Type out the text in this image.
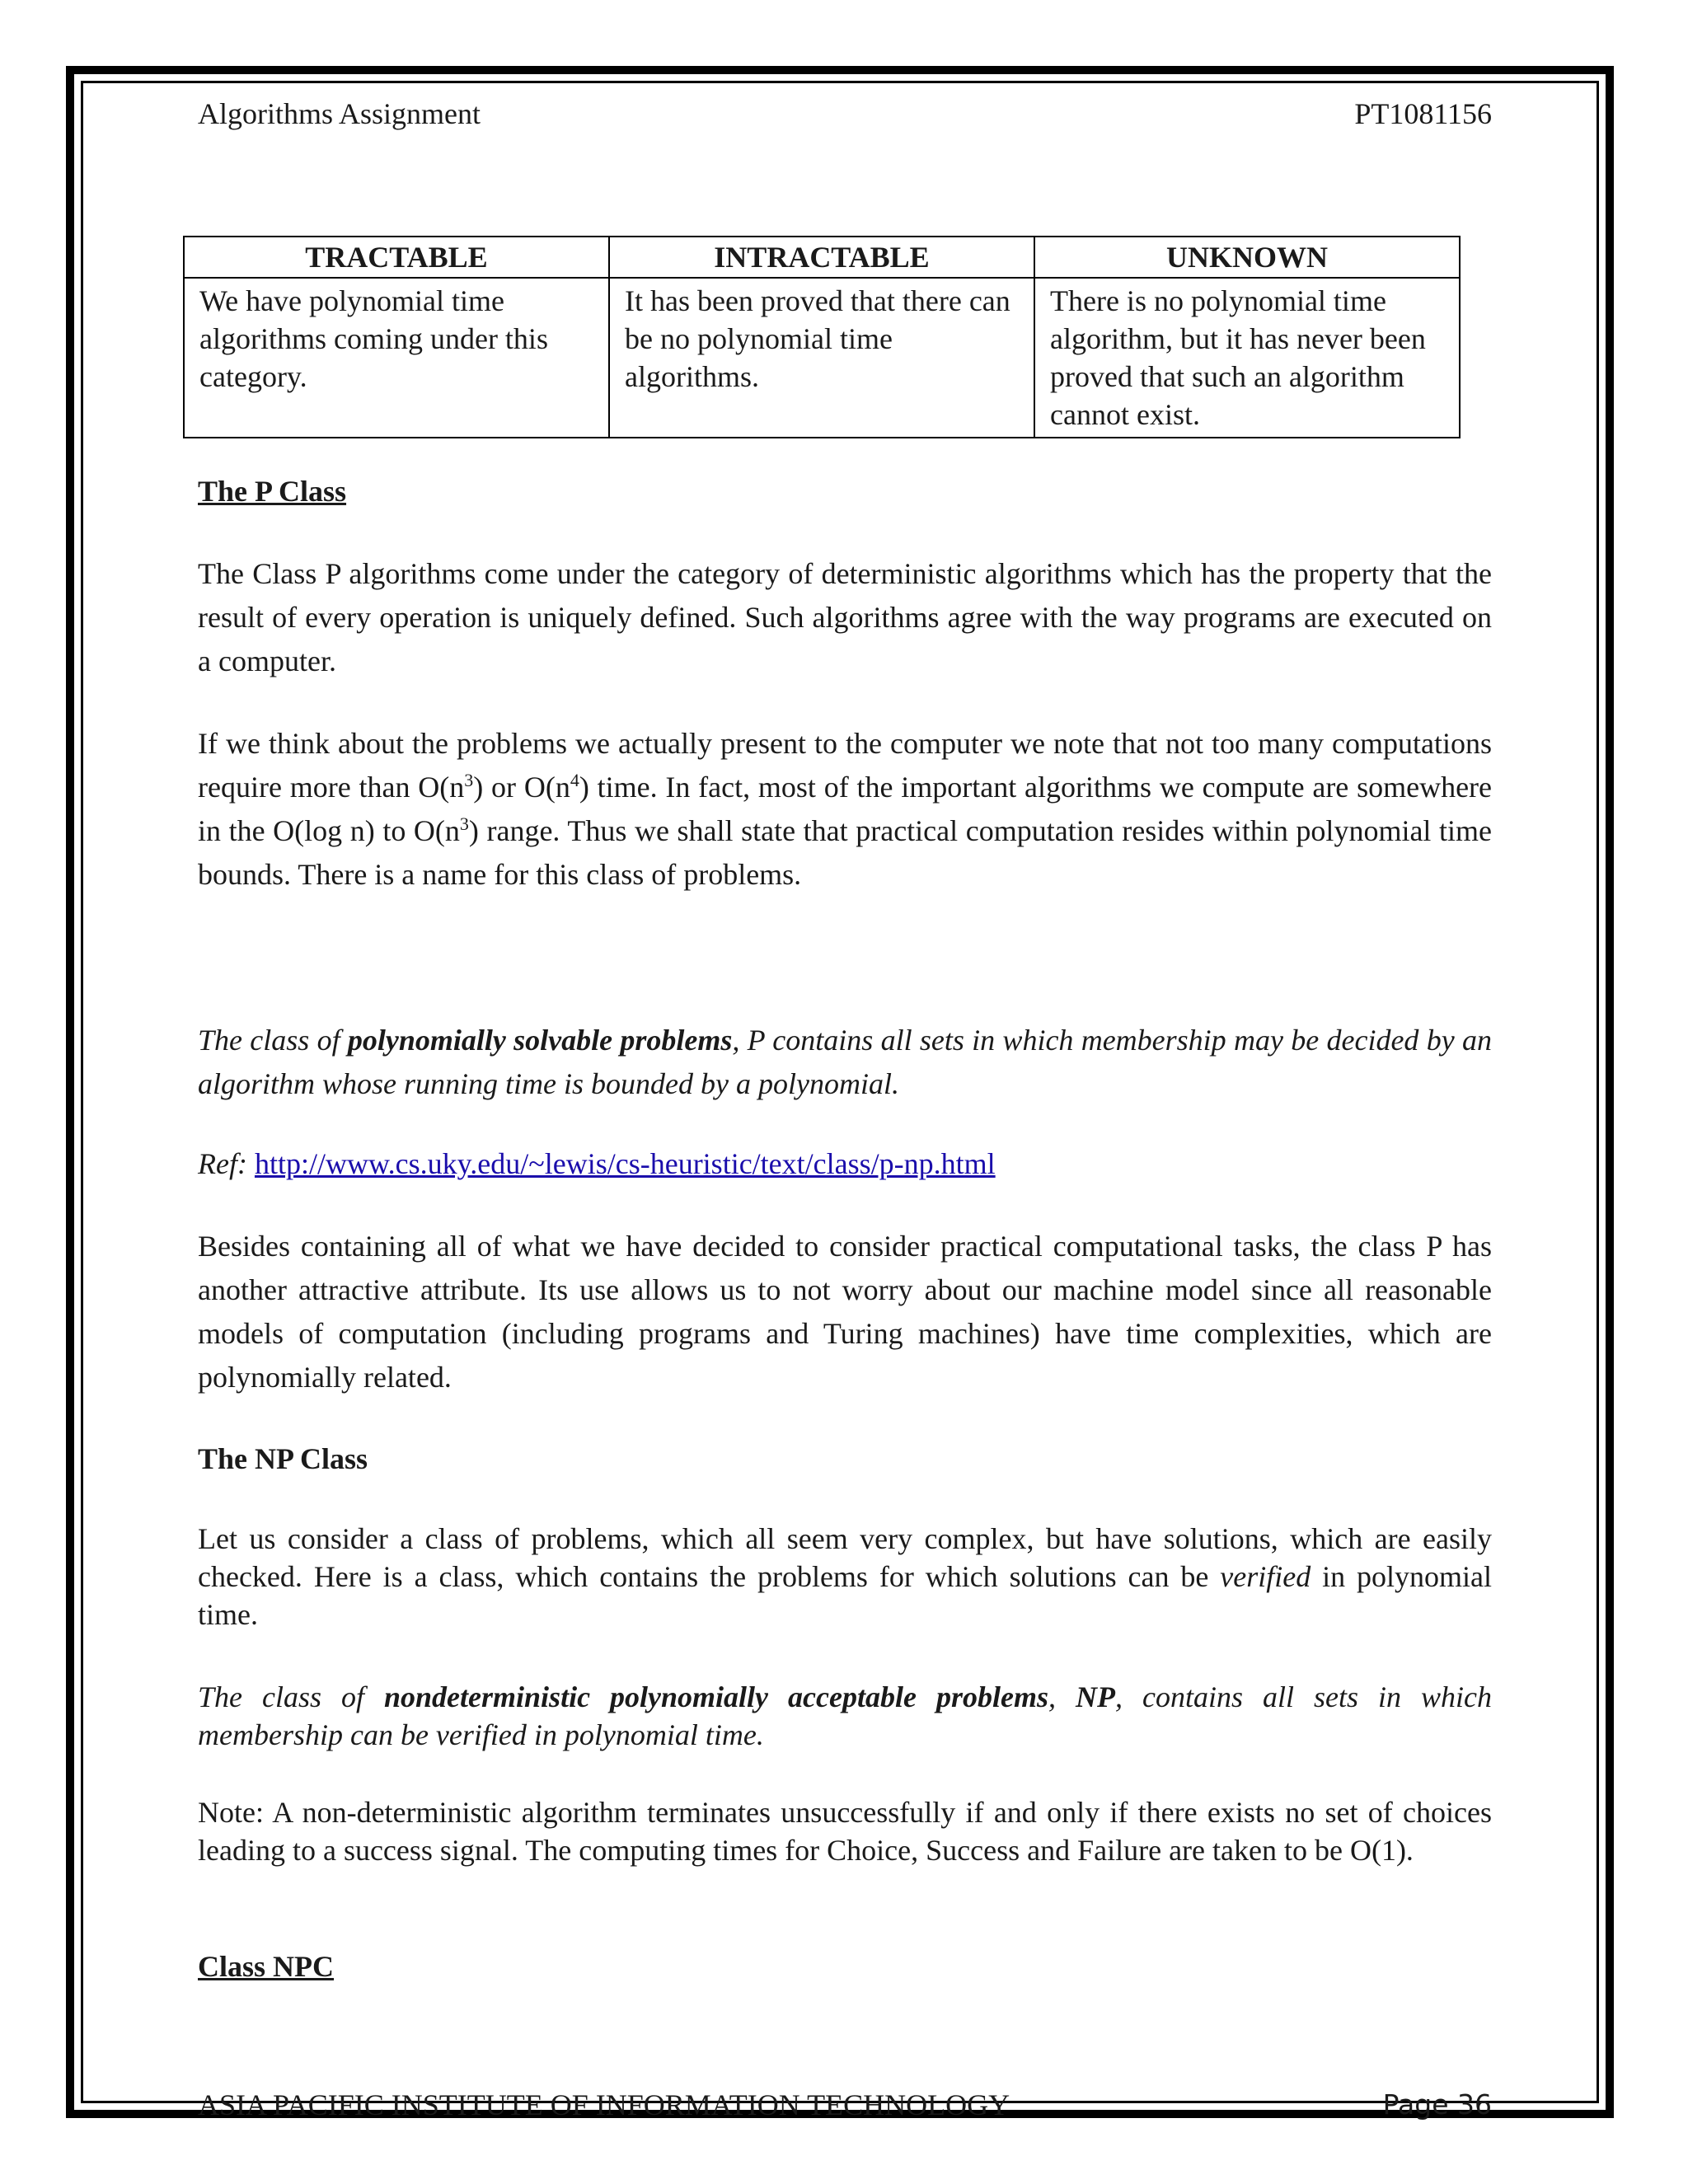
Algorithms Assignment	PT1081156
TRACTABLE	INTRACTABLE	UNKNOWN
We have polynomial time algorithms coming under this category.	It has been proved that there can be no polynomial time algorithms.	There is no polynomial time algorithm, but it has never been proved that such an algorithm cannot exist.

The P Class

The Class P algorithms come under the category of deterministic algorithms which has the property that the result of every operation is uniquely defined. Such algorithms agree with the way programs are executed on a computer.

If we think about the problems we actually present to the computer we note that not too many computations require more than $O(n^3)$ or $O(n^4)$ time. In fact, most of the important algorithms we compute are somewhere in the O(log n) to $O(n^3)$ range. Thus we shall state that practical computation resides within polynomial time bounds. There is a name for this class of problems.

The class of polynomially solvable problems, P contains all sets in which membership may be decided by an algorithm whose running time is bounded by a polynomial.

Ref: http://www.cs.uky.edu/~lewis/cs-heuristic/text/class/p-np.html

Besides containing all of what we have decided to consider practical computational tasks, the class P has another attractive attribute. Its use allows us to not worry about our machine model since all reasonable models of computation (including programs and Turing machines) have time complexities, which are polynomially related.

The NP Class

Let us consider a class of problems, which all seem very complex, but have solutions, which are easily checked. Here is a class, which contains the problems for which solutions can be verified in polynomial time.

The class of nondeterministic polynomially acceptable problems, NP, contains all sets in which membership can be verified in polynomial time.

Note: A non-deterministic algorithm terminates unsuccessfully if and only if there exists no set of choices leading to a success signal. The computing times for Choice, Success and Failure are taken to be O(1).

Class NPC

ASIA PACIFIC INSTITUTE OF INFORMATION TECHNOLOGY	Page 36
